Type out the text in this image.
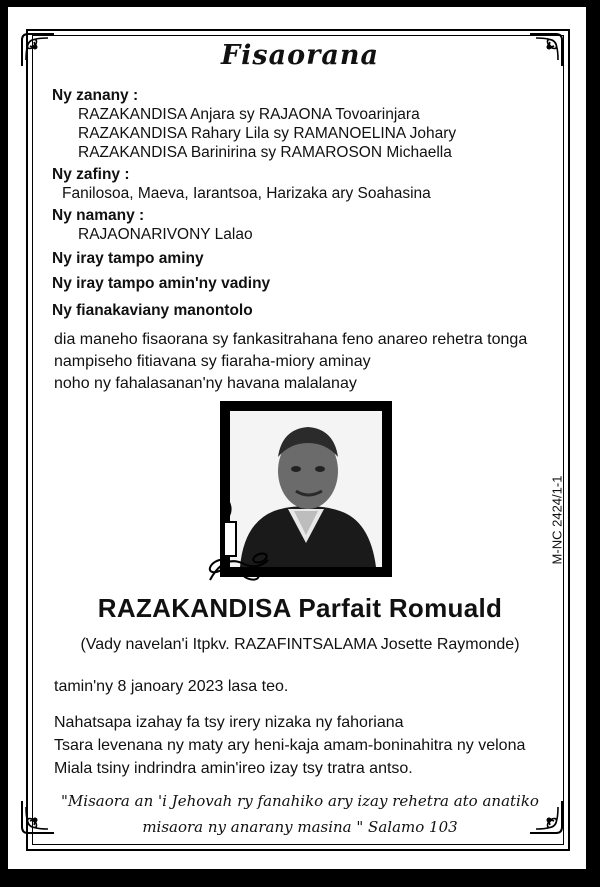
Fisaorana
Ny zanany :
RAZAKANDISA Anjara sy RAJAONA Tovoarinjara
RAZAKANDISA Rahary Lila sy RAMANOELINA Johary
RAZAKANDISA Barinirina sy RAMAROSON Michaella
Ny zafiny :
Fanilosoa, Maeva, Iarantsoa, Harizaka ary Soahasina
Ny namany :
RAJAONARIVONY Lalao
Ny iray tampo aminy
Ny iray tampo amin'ny vadiny
Ny fianakaviany manontolo
dia maneho fisaorana sy fankasitrahana feno anareo rehetra tonga
nampiseho fitiavana sy fiaraha-miory aminay
noho ny fahalasanan'ny havana malalanay
RAZAKANDISA Parfait Romuald
(Vady navelan'i Itpkv. RAZAFINTSALAMA Josette Raymonde)
tamin'ny 8 janoary 2023 lasa teo.
Nahatsapa izahay fa tsy irery nizaka ny fahoriana
Tsara levenana ny maty ary heni-kaja amam-boninahitra ny velona
Miala tsiny indrindra amin'ireo izay tsy tratra antso.
"Misaora an 'i Jehovah ry fanahiko ary izay rehetra ato anatiko
misaora ny anarany masina " Salamo 103
M-NC 2424/1-1
